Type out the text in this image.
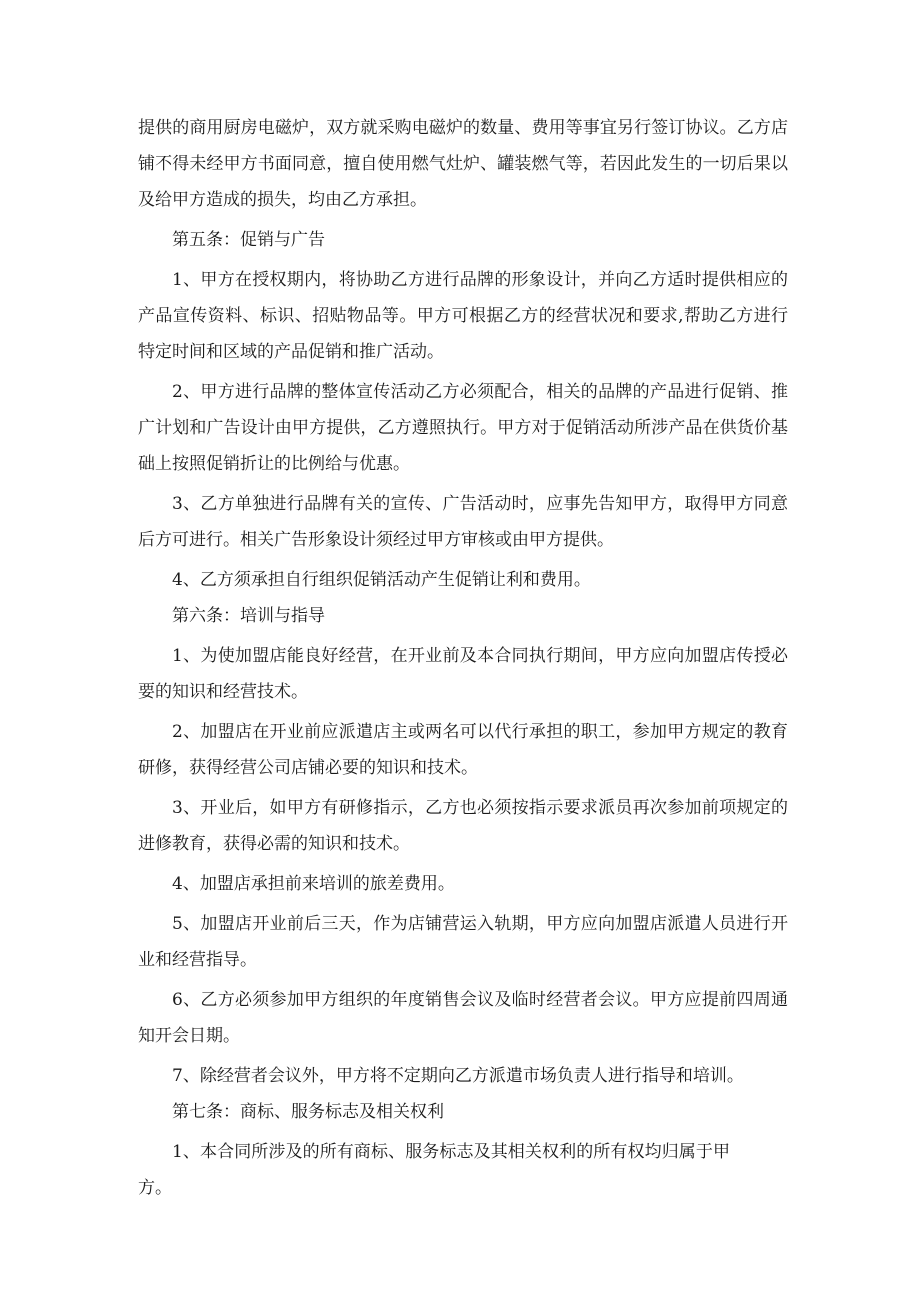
提供的商用厨房电磁炉，双方就采购电磁炉的数量、费用等事宜另行签订协议。乙方店铺不得未经甲方书面同意，擅自使用燃气灶炉、罐装燃气等，若因此发生的一切后果以及给甲方造成的损失，均由乙方承担。

第五条：促销与广告

1、甲方在授权期内，将协助乙方进行品牌的形象设计，并向乙方适时提供相应的产品宣传资料、标识、招贴物品等。甲方可根据乙方的经营状况和要求,帮助乙方进行特定时间和区域的产品促销和推广活动。

2、甲方进行品牌的整体宣传活动乙方必须配合，相关的品牌的产品进行促销、推广计划和广告设计由甲方提供，乙方遵照执行。甲方对于促销活动所涉产品在供货价基础上按照促销折让的比例给与优惠。

3、乙方单独进行品牌有关的宣传、广告活动时，应事先告知甲方，取得甲方同意后方可进行。相关广告形象设计须经过甲方审核或由甲方提供。

4、乙方须承担自行组织促销活动产生促销让利和费用。

第六条：培训与指导

1、为使加盟店能良好经营，在开业前及本合同执行期间，甲方应向加盟店传授必要的知识和经营技术。

2、加盟店在开业前应派遣店主或两名可以代行承担的职工，参加甲方规定的教育研修，获得经营公司店铺必要的知识和技术。

3、开业后，如甲方有研修指示，乙方也必须按指示要求派员再次参加前项规定的进修教育，获得必需的知识和技术。

4、加盟店承担前来培训的旅差费用。

5、加盟店开业前后三天，作为店铺营运入轨期，甲方应向加盟店派遣人员进行开业和经营指导。

6、乙方必须参加甲方组织的年度销售会议及临时经营者会议。甲方应提前四周通知开会日期。

7、除经营者会议外，甲方将不定期向乙方派遣市场负责人进行指导和培训。

第七条：商标、服务标志及相关权利

1、本合同所涉及的所有商标、服务标志及其相关权利的所有权均归属于甲方。
